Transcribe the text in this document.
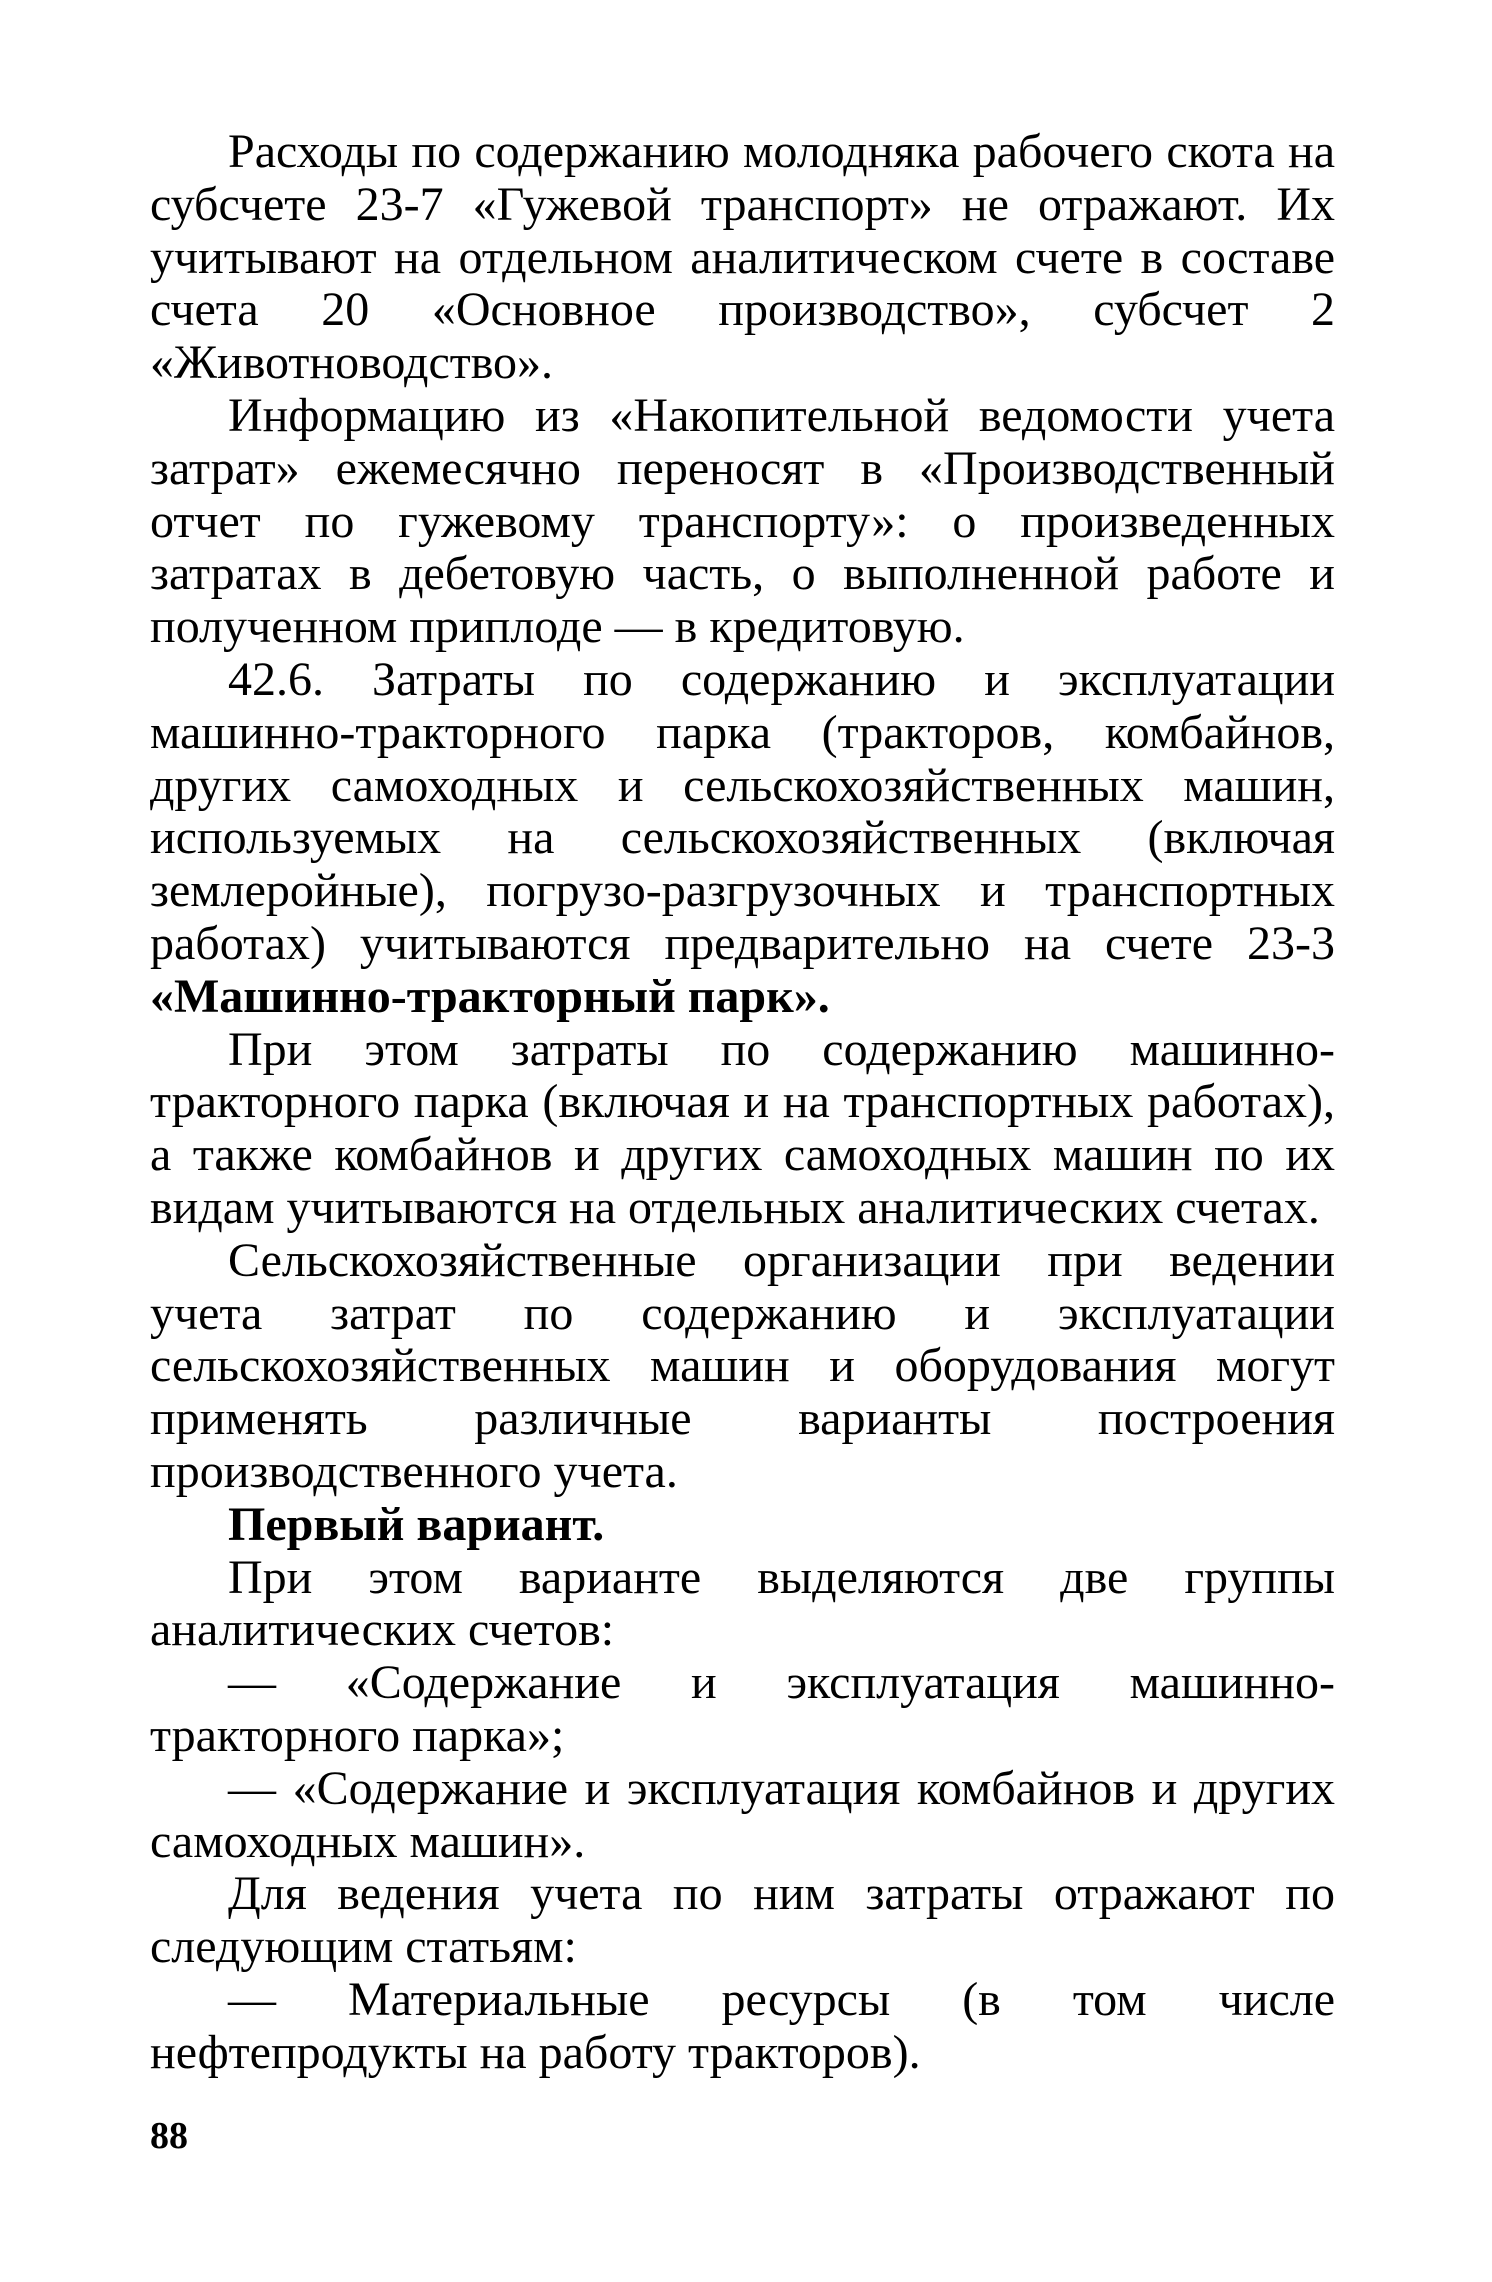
Расходы по содержанию молодняка рабочего скота на субсчете 23-7 «Гужевой транспорт» не отражают. Их учитывают на отдельном аналитическом счете в составе счета 20 «Основное производство», субсчет 2 «Животноводство».

Информацию из «Накопительной ведомости учета затрат» ежемесячно переносят в «Производственный отчет по гужевому транспорту»: о произведенных затратах в дебетовую часть, о выполненной работе и полученном приплоде — в кредитовую.

42.6. Затраты по содержанию и эксплуатации машинно-тракторного парка (тракторов, комбайнов, других самоходных и сельскохозяйственных машин, используемых на сельскохозяйственных (включая землеройные), погрузо-разгрузочных и транспортных работах) учитываются предварительно на счете 23-3 «Машинно-тракторный парк».

При этом затраты по содержанию машинно-тракторного парка (включая и на транспортных работах), а также комбайнов и других самоходных машин по их видам учитываются на отдельных аналитических счетах.

Сельскохозяйственные организации при ведении учета затрат по содержанию и эксплуатации сельскохозяйственных машин и оборудования могут применять различные варианты построения производственного учета.

Первый вариант.

При этом варианте выделяются две группы аналитических счетов:

— «Содержание и эксплуатация машинно-тракторного парка»;

— «Содержание и эксплуатация комбайнов и других самоходных машин».

Для ведения учета по ним затраты отражают по следующим статьям:

— Материальные ресурсы (в том числе нефтепродукты на работу тракторов).

88
